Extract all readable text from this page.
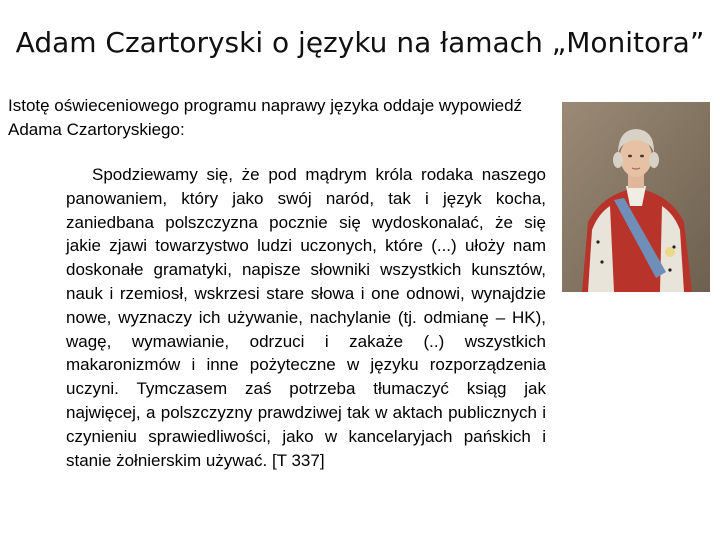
Adam Czartoryski o języku na łamach „Monitora”

Istotę oświeceniowego programu naprawy języka oddaje wypowiedź Adama Czartoryskiego:

Spodziewamy się, że pod mądrym króla rodaka naszego panowaniem, który jako swój naród, tak i język kocha, zaniedbana polszczyzna pocznie się wydoskonalać, że się jakie zjawi towarzystwo ludzi uczonych, które (...) ułoży nam doskonałe gramatyki, napisze słowniki wszystkich kunsztów, nauk i rzemiosł, wskrzesi stare słowa i one odnowi, wynajdzie nowe, wyznaczy ich używanie, nachylanie (tj. odmianę – HK), wagę, wymawianie, odrzuci i zakaże (..) wszystkich makaronizmów i inne pożyteczne w języku rozporządzenia uczyni. Tymczasem zaś potrzeba tłumaczyć ksiąg jak najwięcej, a polszczyzny prawdziwej tak w aktach publicznych i czynieniu sprawiedliwości, jako w kancelaryjach pańskich i stanie żołnierskim używać. [T 337]
